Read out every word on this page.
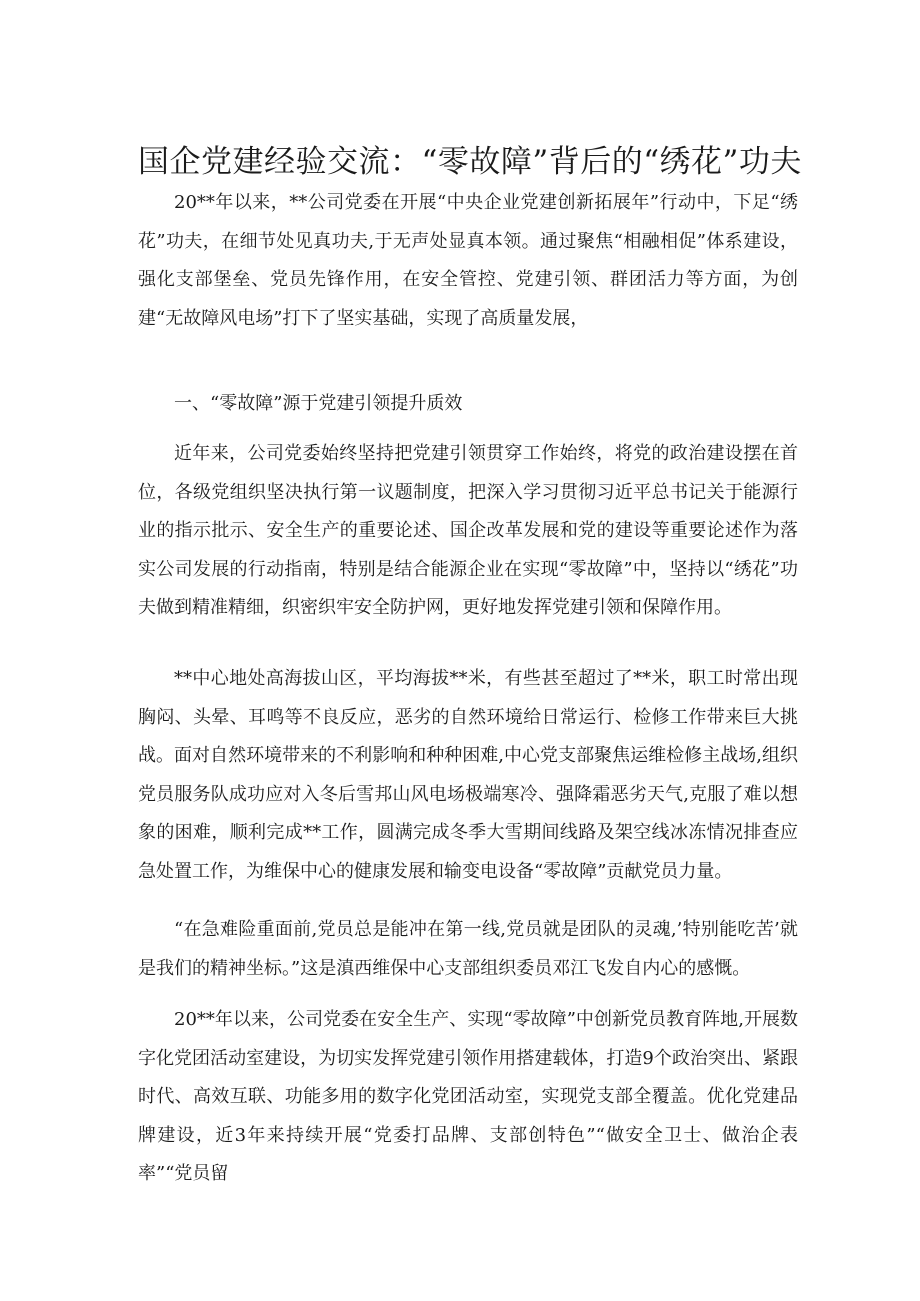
国企党建经验交流：“零故障”背后的“绣花”功夫

20**年以来，**公司党委在开展“中央企业党建创新拓展年”行动中，下足“绣花”功夫，在细节处见真功夫,于无声处显真本领。通过聚焦“相融相促”体系建设，强化支部堡垒、党员先锋作用，在安全管控、党建引领、群团活力等方面，为创建“无故障风电场”打下了坚实基础，实现了高质量发展，

一、“零故障”源于党建引领提升质效

近年来，公司党委始终坚持把党建引领贯穿工作始终，将党的政治建设摆在首位，各级党组织坚决执行第一议题制度，把深入学习贯彻习近平总书记关于能源行业的指示批示、安全生产的重要论述、国企改革发展和党的建设等重要论述作为落实公司发展的行动指南，特别是结合能源企业在实现“零故障”中，坚持以“绣花”功夫做到精准精细，织密织牢安全防护网，更好地发挥党建引领和保障作用。

**中心地处高海拔山区，平均海拔**米，有些甚至超过了**米，职工时常出现胸闷、头晕、耳鸣等不良反应，恶劣的自然环境给日常运行、检修工作带来巨大挑战。面对自然环境带来的不利影响和种种困难,中心党支部聚焦运维检修主战场,组织党员服务队成功应对入冬后雪邦山风电场极端寒冷、强降霜恶劣天气,克服了难以想象的困难，顺利完成**工作，圆满完成冬季大雪期间线路及架空线冰冻情况排查应急处置工作，为维保中心的健康发展和输变电设备“零故障”贡献党员力量。

“在急难险重面前,党员总是能冲在第一线,党员就是团队的灵魂,’特别能吃苦’就是我们的精神坐标。”这是滇西维保中心支部组织委员邓江飞发自内心的感慨。

20**年以来，公司党委在安全生产、实现“零故障”中创新党员教育阵地,开展数字化党团活动室建设，为切实发挥党建引领作用搭建载体，打造9个政治突出、紧跟时代、高效互联、功能多用的数字化党团活动室，实现党支部全覆盖。优化党建品牌建设，近3年来持续开展“党委打品牌、支部创特色”“做安全卫士、做治企表率”“党员留
